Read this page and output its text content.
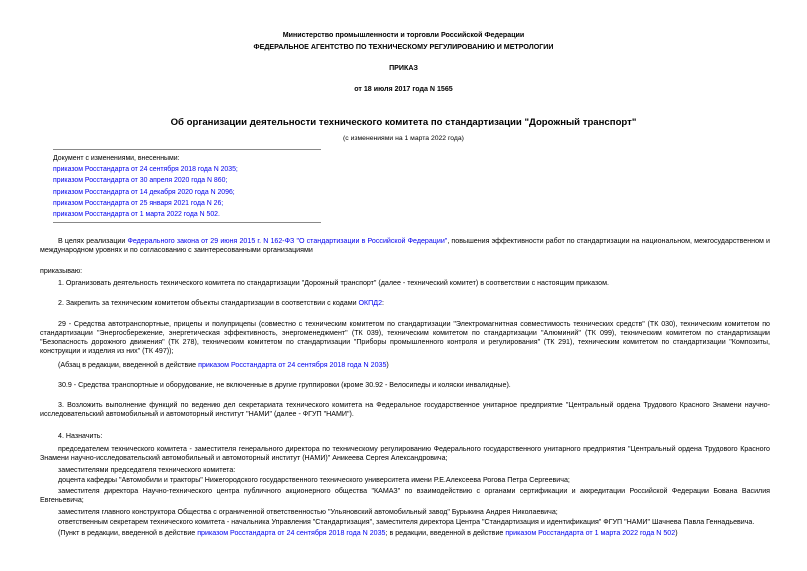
Министерство промышленности и торговли Российской Федерации
ФЕДЕРАЛЬНОЕ АГЕНТСТВО ПО ТЕХНИЧЕСКОМУ РЕГУЛИРОВАНИЮ И МЕТРОЛОГИИ
ПРИКАЗ
от 18 июля 2017 года N 1565
Об организации деятельности технического комитета по стандартизации "Дорожный транспорт"
(с изменениями на 1 марта 2022 года)
Документ с изменениями, внесенными:
приказом Росстандарта от 24 сентября 2018 года N 2035;
приказом Росстандарта от 30 апреля 2020 года N 860;
приказом Росстандарта от 14 декабря 2020 года N 2096;
приказом Росстандарта от 25 января 2021 года N 26;
приказом Росстандарта от 1 марта 2022 года N 502.
В целях реализации Федерального закона от 29 июня 2015 г. N 162-ФЗ "О стандартизации в Российской Федерации", повышения эффективности работ по стандартизации на национальном, межгосударственном и международном уровнях и по согласованию с заинтересованными организациями
приказываю:
1. Организовать деятельность технического комитета по стандартизации "Дорожный транспорт" (далее - технический комитет) в соответствии с настоящим приказом.
2. Закрепить за техническим комитетом объекты стандартизации в соответствии с кодами ОКПД2:
29 - Средства автотранспортные, прицепы и полуприцепы (совместно с техническим комитетом по стандартизации "Электромагнитная совместимость технических средств" (ТК 030), техническим комитетом по стандартизации "Энергосбережение, энергетическая эффективность, энергоменеджмент" (ТК 039), техническим комитетом по стандартизации "Алюминий" (ТК 099), техническим комитетом по стандартизации "Безопасность дорожного движения" (ТК 278), техническим комитетом по стандартизации "Приборы промышленного контроля и регулирования" (ТК 291), техническим комитетом по стандартизации "Композиты, конструкции и изделия из них" (ТК 497));
(Абзац в редакции, введенной в действие приказом Росстандарта от 24 сентября 2018 года N 2035)
30.9 - Средства транспортные и оборудование, не включенные в другие группировки (кроме 30.92 - Велосипеды и коляски инвалидные).
3. Возложить выполнение функций по ведению дел секретариата технического комитета на Федеральное государственное унитарное предприятие "Центральный ордена Трудового Красного Знамени научно-исследовательский автомобильный и автомоторный институт "НАМИ" (далее - ФГУП "НАМИ").
4. Назначить:
председателем технического комитета - заместителя генерального директора по техническому регулированию Федерального государственного унитарного предприятия "Центральный ордена Трудового Красного Знамени научно-исследовательский автомобильный и автомоторный институт (НАМИ)" Аникеева Сергея Александровича;
заместителями председателя технического комитета:
доцента кафедры "Автомобили и тракторы" Нижегородского государственного технического университета имени Р.Е.Алексеева Рогова Петра Сергеевича;
заместителя директора Научно-технического центра публичного акционерного общества "КАМАЗ" по взаимодействию с органами сертификации и аккредитации Российской Федерации Бована Василия Евгеньевича;
заместителя главного конструктора Общества с ограниченной ответственностью "Ульяновский автомобильный завод" Бурыкина Андрея Николаевича;
ответственным секретарем технического комитета - начальника Управления "Стандартизация", заместителя директора Центра "Стандартизация и идентификация" ФГУП "НАМИ" Шачнева Павла Геннадьевича.
(Пункт в редакции, введенной в действие приказом Росстандарта от 24 сентября 2018 года N 2035; в редакции, введенной в действие приказом Росстандарта от 1 марта 2022 года N 502)
